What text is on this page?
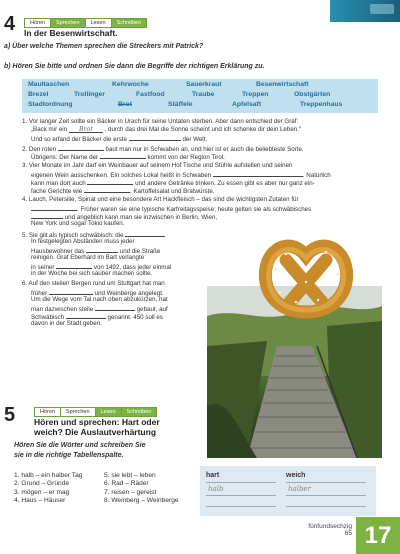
4	Hören	Sprechen	Lesen	Schreiben
In der Besenwirtschaft.
a) Über welche Themen sprechen die Streckers mit Patrick?
b) Hören Sie bitte und ordnen Sie dann die Begriffe der richtigen Erklärung zu.
Maultaschen	Kehrwoche	Sauerkraut	Besenwirtschaft
Brezel	Trollinger	Fastfood	Traube	Treppen	Obstgärten
Stadtordnung	Brot	Stäffele	Apfelsaft	Treppenhaus
1. Vor langer Zeit sollte ein Bäcker in Urach für seine Untaten sterben. Aber dann entschied der Graf:
„Back mir ein Brot , durch das drei Mal die Sonne scheint und ich schenke dir dein Leben.“
Und so erfand der Bäcker die erste	der Welt.
2. Den roten	baut man nur in Schwaben an, und hier ist er auch die beliebteste Sorte.
Übrigens: Der Name der	kommt von der Region Tirol.
3. Vier Monate im Jahr darf ein Weinbauer auf seinem Hof Tische und Stühle aufstellen und seinen
eigenen Wein ausschenken. Ein solches Lokal heißt in Schwaben	. Natürlich
kann man dort auch	und andere Getränke trinken. Zu essen gibt es aber nur ganz ein-
fache Gerichte wie	, Kartoffelsalat und Bratwürste.
4. Lauch, Petersilie, Spinat und eine besondere Art Hackfleisch – das sind die wichtigsten Zutaten für
. Früher waren sie eine typische Karfreitagsspeise; heute gelten sie als schwäbisches
und angeblich kann man sie inzwischen in Berlin, Wien,
New York und sogar Tokio kaufen.
5. Sie gilt als typisch schwäbisch: die
In festgelegten Abständen muss jeder
Hausbewohner das	und die Straße
reinigen. Graf Eberhard im Bart verlangte
in seiner	von 1492, dass jeder einmal
in der Woche bei sich sauber machen sollte.
6. Auf den steilen Bergen rund um Stuttgart hat man
früher	und Weinberge angelegt.
Um die Wege vom Tal nach oben abzukürzen, hat
man dazwischen steile	gebaut, auf
Schwäbisch	genannt. 450 soll es
davon in der Stadt geben.
5	Hören	Sprechen	Lesen	Schreiben
Hören und sprechen: Hart oder
weich? Die Auslautverhärtung
Hören Sie die Wörter und schreiben Sie
sie in die richtige Tabellenspalte.
1. halb – ein halber Tag
2. Grund – Gründe
3. mögen – er mag
4. Haus – Häuser
5. sie lebt – leben
6. Rad – Räder
7. reisen – gereist
8. Weinberg – Weinberge
hart	weich
halb	halber
fünfundsechzig
65 17
